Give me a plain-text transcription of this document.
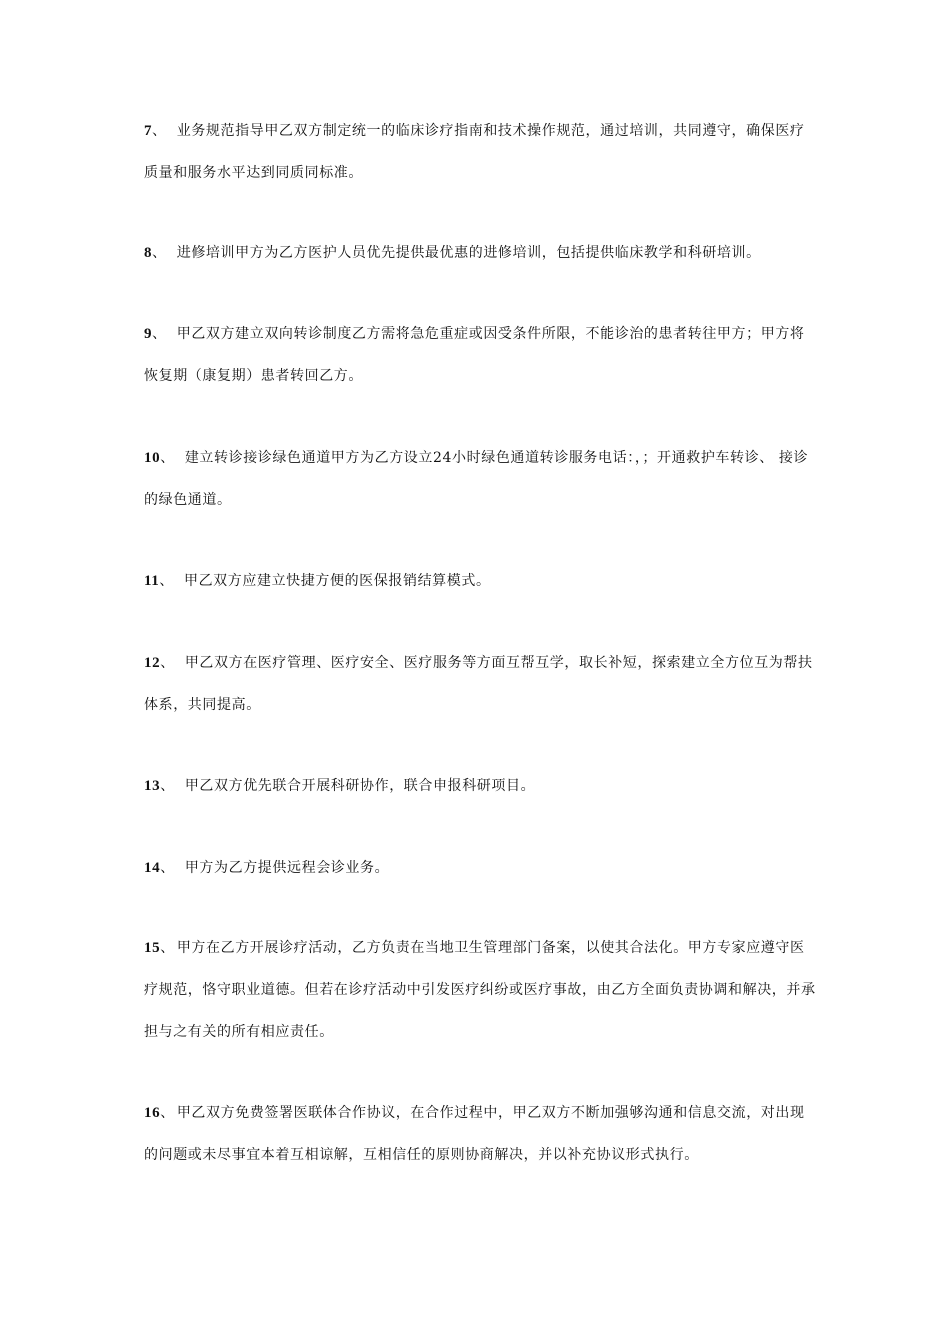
7、 业务规范指导甲乙双方制定统一的临床诊疗指南和技术操作规范，通过培训，共同遵守，确保医疗质量和服务水平达到同质同标准。
8、 进修培训甲方为乙方医护人员优先提供最优惠的进修培训，包括提供临床教学和科研培训。
9、 甲乙双方建立双向转诊制度乙方需将急危重症或因受条件所限，不能诊治的患者转往甲方；甲方将恢复期（康复期）患者转回乙方。
10、 建立转诊接诊绿色通道甲方为乙方设立24小时绿色通道转诊服务电话：，；开通救护车转诊、 接诊的绿色通道。
11、 甲乙双方应建立快捷方便的医保报销结算模式。
12、 甲乙双方在医疗管理、医疗安全、医疗服务等方面互帮互学，取长补短，探索建立全方位互为帮扶体系，共同提高。
13、 甲乙双方优先联合开展科研协作，联合申报科研项目。
14、 甲方为乙方提供远程会诊业务。
15、 甲方在乙方开展诊疗活动，乙方负责在当地卫生管理部门备案，以使其合法化。甲方专家应遵守医疗规范，恪守职业道德。但若在诊疗活动中引发医疗纠纷或医疗事故，由乙方全面负责协调和解决，并承担与之有关的所有相应责任。
16、 甲乙双方免费签署医联体合作协议，在合作过程中，甲乙双方不断加强够沟通和信息交流，对出现的问题或未尽事宜本着互相谅解，互相信任的原则协商解决，并以补充协议形式执行。
